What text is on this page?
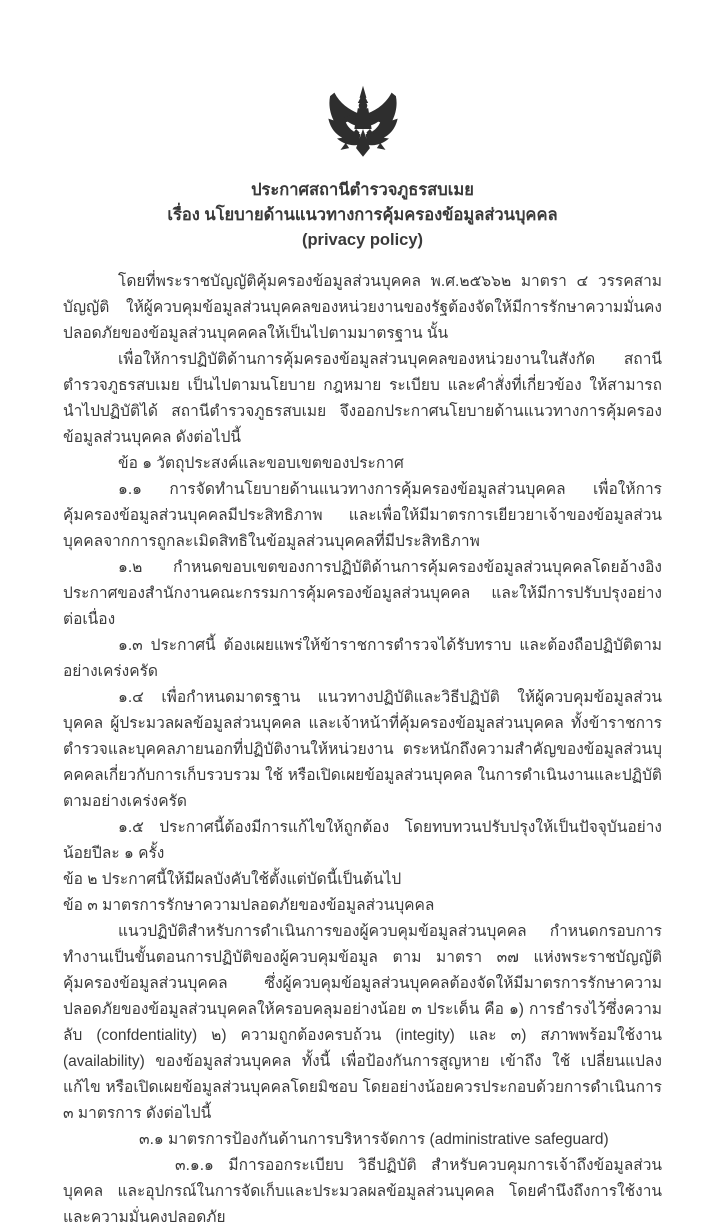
ประกาศสถานีตำรวจภูธรสบเมย
เรื่อง นโยบายด้านแนวทางการคุ้มครองข้อมูลส่วนบุคคล
(privacy policy)

โดยที่พระราชบัญญัติคุ้มครองข้อมูลส่วนบุคคล พ.ศ.๒๕๖๖๒ มาตรา ๔ วรรคสาม บัญญัติ ให้ผู้ควบคุมข้อมูลส่วนบุคคลของหน่วยงานของรัฐต้องจัดให้มีการรักษาความมั่นคงปลอดภัยของข้อมูลส่วนบุคคคลให้เป็นไปตามมาตรฐาน นั้น

เพื่อให้การปฏิบัติด้านการคุ้มครองข้อมูลส่วนบุคคลของหน่วยงานในสังกัด สถานีตำรวจภูธรสบเมย เป็นไปตามนโยบาย กฎหมาย ระเบียบ และคำสั่งที่เกี่ยวข้อง ให้สามารถนำไปปฏิบัติได้ สถานีตำรวจภูธรสบเมย จึงออกประกาศนโยบายด้านแนวทางการคุ้มครองข้อมูลส่วนบุคคล ดังต่อไปนี้

ข้อ ๑ วัตถุประสงค์และขอบเขตของประกาศ

๑.๑ การจัดทำนโยบายด้านแนวทางการคุ้มครองข้อมูลส่วนบุคคล เพื่อให้การคุ้มครองข้อมูลส่วนบุคคลมีประสิทธิภาพ และเพื่อให้มีมาตรการเยียวยาเจ้าของข้อมูลส่วนบุคคลจากการถูกละเมิดสิทธิในข้อมูลส่วนบุคคลที่มีประสิทธิภาพ

๑.๒ กำหนดขอบเขตของการปฏิบัติด้านการคุ้มครองข้อมูลส่วนบุคคลโดยอ้างอิงประกาศของสำนักงานคณะกรรมการคุ้มครองข้อมูลส่วนบุคคล และให้มีการปรับปรุงอย่างต่อเนื่อง

๑.๓ ประกาศนี้ ต้องเผยแพร่ให้ข้าราชการตำรวจได้รับทราบ และต้องถือปฏิบัติตามอย่างเคร่งครัด

๑.๔ เพื่อกำหนดมาตรฐาน แนวทางปฏิบัติและวิธีปฏิบัติ ให้ผู้ควบคุมข้อมูลส่วนบุคคล ผู้ประมวลผลข้อมูลส่วนบุคคล และเจ้าหน้าที่คุ้มครองข้อมูลส่วนบุคคล ทั้งข้าราชการตำรวจและบุคคลภายนอกที่ปฏิบัติงานให้หน่วยงาน ตระหนักถึงความสำคัญของข้อมูลส่วนบุคคคลเกี่ยวกับการเก็บรวบรวม ใช้ หรือเปิดเผยข้อมูลส่วนบุคคล ในการดำเนินงานและปฏิบัติตามอย่างเคร่งครัด

๑.๕ ประกาศนี้ต้องมีการแก้ไขให้ถูกต้อง โดยทบทวนปรับปรุงให้เป็นปัจจุบันอย่างน้อยปีละ ๑ ครั้ง

ข้อ ๒ ประกาศนี้ให้มีผลบังคับใช้ตั้งแต่บัดนี้เป็นต้นไป

ข้อ ๓ มาตรการรักษาความปลอดภัยของข้อมูลส่วนบุคคล

แนวปฏิบัติสำหรับการดำเนินการของผู้ควบคุมข้อมูลส่วนบุคคล กำหนดกรอบการทำงานเป็นขั้นตอนการปฏิบัติของผู้ควบคุมข้อมูล ตาม มาตรา ๓๗ แห่งพระราชบัญญัติคุ้มครองข้อมูลส่วนบุคคล ซึ่งผู้ควบคุมข้อมูลส่วนบุคคลต้องจัดให้มีมาตรการรักษาความปลอดภัยของข้อมูลส่วนบุคคลให้ครอบคลุมอย่างน้อย ๓ ประเด็น คือ ๑) การธำรงไว้ซึ่งความลับ (confdentiality) ๒) ความถูกต้องครบถ้วน (integity) และ ๓) สภาพพร้อมใช้งาน (availability) ของข้อมูลส่วนบุคคล ทั้งนี้ เพื่อป้องกันการสูญหาย เข้าถึง ใช้ เปลี่ยนแปลง แก้ไข หรือเปิดเผยข้อมูลส่วนบุคคลโดยมิชอบ โดยอย่างน้อยควรประกอบด้วยการดำเนินการ ๓ มาตรการ ดังต่อไปนี้

๓.๑ มาตรการป้องกันด้านการบริหารจัดการ (administrative safeguard)

๓.๑.๑ มีการออกระเบียบ วิธีปฏิบัติ สำหรับควบคุมการเจ้าถึงข้อมูลส่วนบุคคล และอุปกรณ์ในการจัดเก็บและประมวลผลข้อมูลส่วนบุคคล โดยคำนึงถึงการใช้งานและความมั่นคงปลอดภัย
